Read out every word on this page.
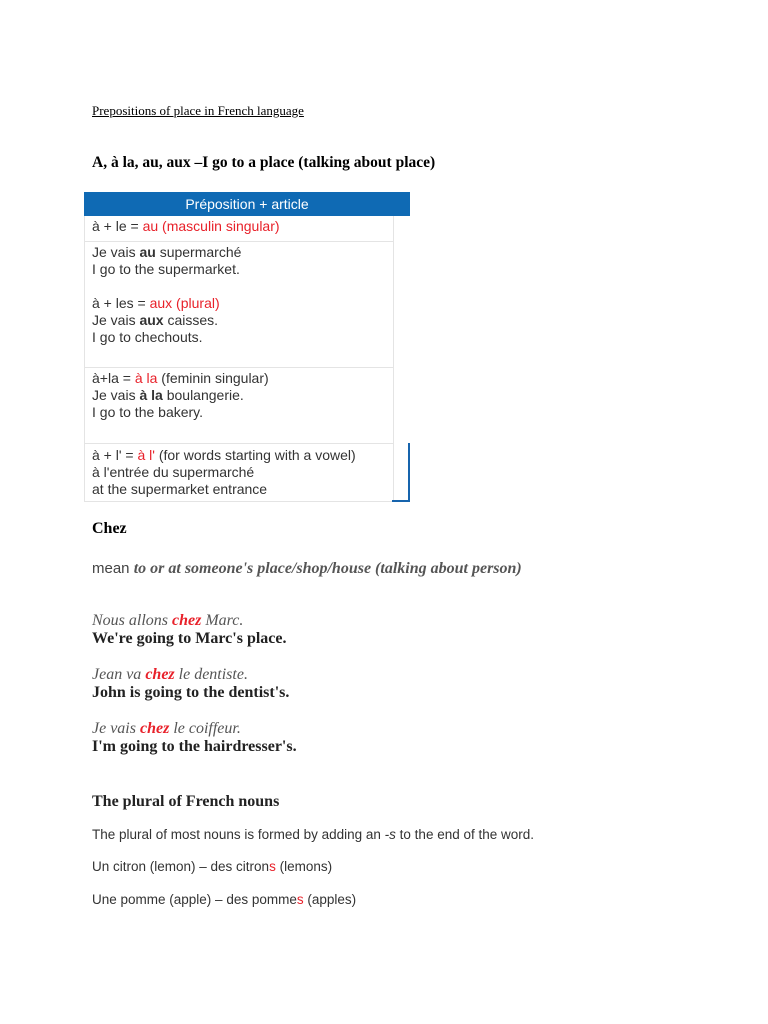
Prepositions of place in French language
A, à la, au, aux –I go to a place (talking about place)
Préposition + article
à + le = au (masculin singular)
Je vais au supermarché
I go to the supermarket.
à + les = aux (plural)
Je vais aux caisses.
I go to chechouts.
à+la = à la (feminin singular)
Je vais à la boulangerie.
I go to the bakery.
à + l' = à l' (for words starting with a vowel)
à l'entrée du supermarché
at the supermarket entrance
Chez
mean to or at someone's place/shop/house (talking about person)
Nous allons chez Marc.
We're going to Marc's place.
Jean va chez le dentiste.
John is going to the dentist's.
Je vais chez le coiffeur.
I'm going to the hairdresser's.
The plural of French nouns
The plural of most nouns is formed by adding an -s to the end of the word.
Un citron (lemon) – des citrons (lemons)
Une pomme (apple) – des pommes (apples)
